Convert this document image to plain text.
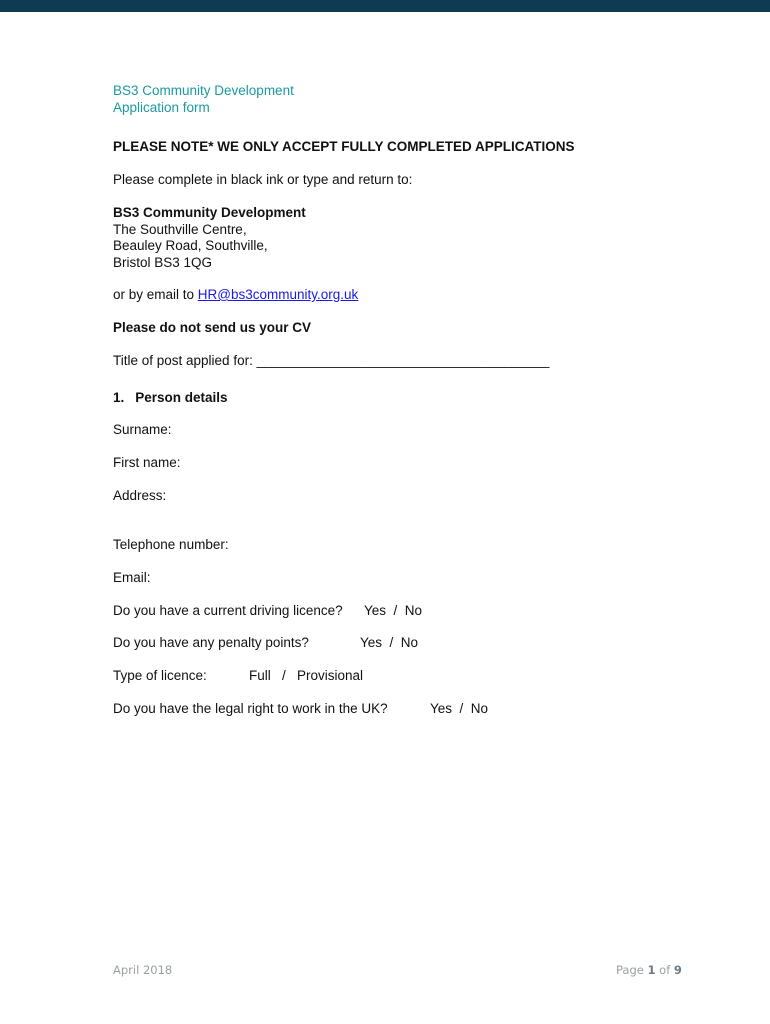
BS3 Community Development
Application form
PLEASE NOTE* WE ONLY ACCEPT FULLY COMPLETED APPLICATIONS
Please complete in black ink or type and return to:
BS3 Community Development
The Southville Centre,
Beauley Road, Southville,
Bristol BS3 1QG
or by email to HR@bs3community.org.uk
Please do not send us your CV
Title of post applied for: _______________________________________
1. Person details
Surname:
First name:
Address:
Telephone number:
Email:
Do you have a current driving licence? Yes  /  No
Do you have any penalty points?	Yes  /  No
Type of licence:	Full   /   Provisional
Do you have the legal right to work in the UK?	Yes  /  No
April 2018	Page 1 of 9
